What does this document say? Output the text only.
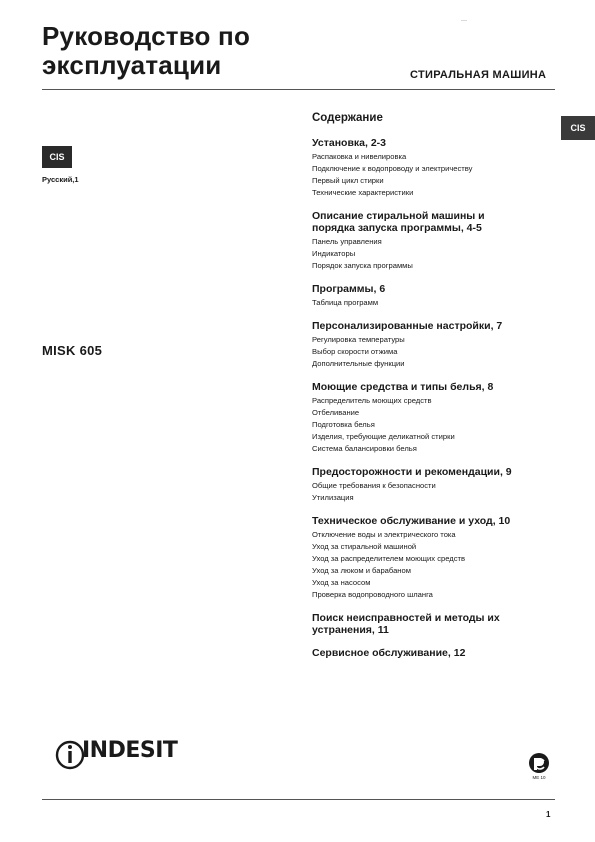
—
Руководство по
эксплуатации	СТИРАЛЬНАЯ МАШИНА
CIS
CIS
Русский,1
MISK 605
Содержание
Установка, 2-3
Распаковка и нивелировка
Подключение к водопроводу и электричеству
Первый цикл стирки
Технические характеристики
Описание стиральной машины и
порядка запуска программы, 4-5
Панель управления
Индикаторы
Порядок запуска программы
Программы, 6
Таблица программ
Персонализированные настройки, 7
Регулировка температуры
Выбор скорости отжима
Дополнительные функции
Моющие средства и типы белья, 8
Распределитель моющих средств
Отбеливание
Подготовка белья
Изделия, требующие деликатной стирки
Система балансировки белья
Предосторожности и рекомендации, 9
Общие требования к безопасности
Утилизация
Техническое обслуживание и уход, 10
Отключение воды и электрического тока
Уход за стиральной машиной
Уход за распределителем моющих средств
Уход за люком и барабаном
Уход за насосом
Проверка водопроводного шланга
Поиск неисправностей и методы их
устранения, 11
Сервисное обслуживание, 12
INDESIT
МЕ 10
1
